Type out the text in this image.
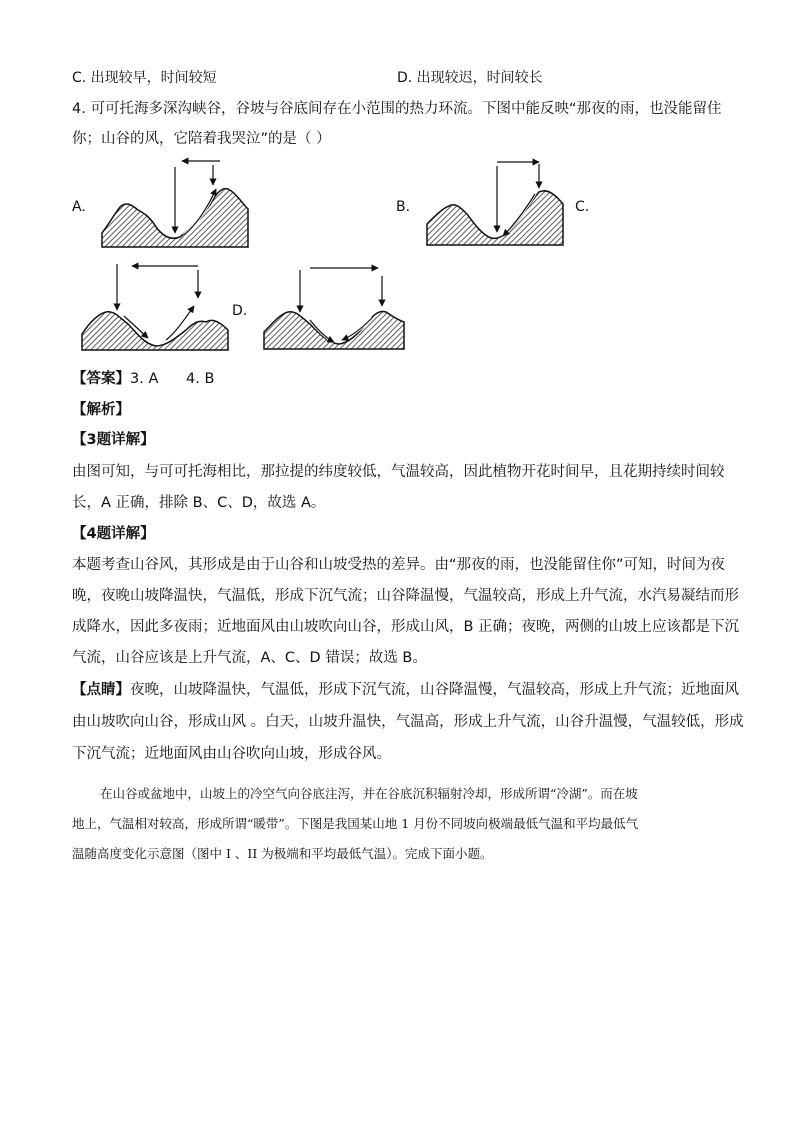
C. 出现较早，时间较短	D. 出现较迟，时间较长
4. 可可托海多深沟峡谷，谷坡与谷底间存在小范围的热力环流。下图中能反映“那夜的雨，也没能留住
你；山谷的风，它陪着我哭泣”的是（ ）
A.	B.	C.
D.
【答案】3. A      4. B
【解析】
【3题详解】
由图可知，与可可托海相比，那拉提的纬度较低，气温较高，因此植物开花时间早，且花期持续时间较
长，A 正确，排除 B、C、D，故选 A。
【4题详解】
本题考查山谷风，其形成是由于山谷和山坡受热的差异。由“那夜的雨，也没能留住你”可知，时间为夜
晚，夜晚山坡降温快，气温低，形成下沉气流；山谷降温慢，气温较高，形成上升气流，水汽易凝结而形
成降水，因此多夜雨；近地面风由山坡吹向山谷，形成山风，B 正确；夜晚，两侧的山坡上应该都是下沉
气流，山谷应该是上升气流，A、C、D 错误；故选 B。
【点睛】夜晚，山坡降温快，气温低，形成下沉气流，山谷降温慢，气温较高，形成上升气流；近地面风
由山坡吹向山谷，形成山风 。白天，山坡升温快，气温高，形成上升气流，山谷升温慢，气温较低，形成
下沉气流；近地面风由山谷吹向山坡，形成谷风。
在山谷或盆地中，山坡上的冷空气向谷底注泻，并在谷底沉积辐射冷却，形成所谓“冷湖”。而在坡
地上，气温相对较高，形成所谓“暖带”。下图是我国某山地 1 月份不同坡向极端最低气温和平均最低气
温随高度变化示意图（图中 I 、II 为极端和平均最低气温）。完成下面小题。
